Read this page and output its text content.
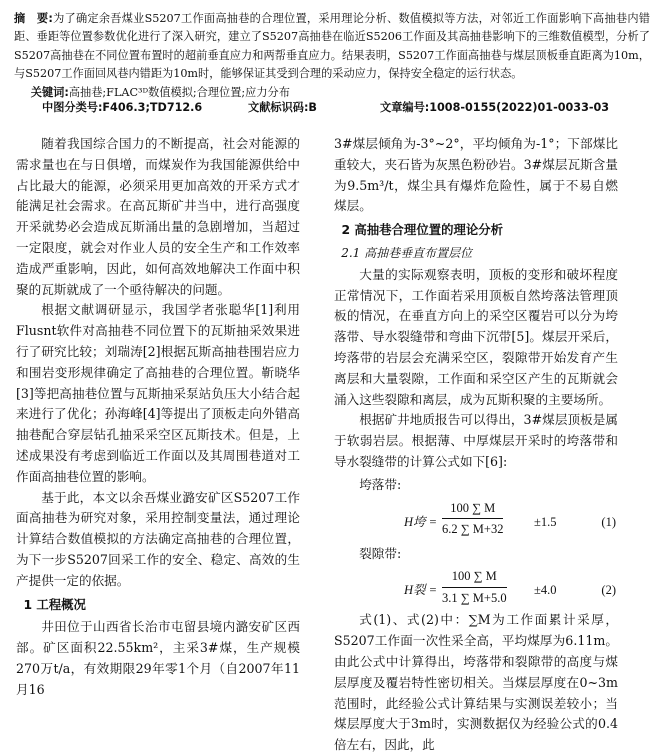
摘　要:为了确定余吾煤业S5207工作面高抽巷的合理位置，采用理论分析、数值模拟等方法，对邻近工作面影响下高抽巷内错距、垂距等位置参数优化进行了深入研究，建立了S5207高抽巷在临近S5206工作面及其高抽巷影响下的三维数值模型，分析了S5207高抽巷在不同位置布置时的超前垂直应力和两帮垂直应力。结果表明，S5207工作面高抽巷与煤层顶板垂直距离为10m，与S5207工作面回风巷内错距为10m时，能够保证其受到合理的采动应力，保持安全稳定的运行状态。
关键词:高抽巷;FLAC³ᴰ数值模拟;合理位置;应力分布
中图分类号:F406.3;TD712.6	文献标识码:B	文章编号:1008-0155(2022)01-0033-03

随着我国综合国力的不断提高，社会对能源的需求量也在与日俱增，而煤炭作为我国能源供给中占比最大的能源，必须采用更加高效的开采方式才能满足社会需求。在高瓦斯矿井当中，进行高强度开采就势必会造成瓦斯涌出量的急剧增加，当超过一定限度，就会对作业人员的安全生产和工作效率造成严重影响，因此，如何高效地解决工作面中积聚的瓦斯就成了一个亟待解决的问题。

根据文献调研显示，我国学者张聪华[1]利用Flusnt软件对高抽巷不同位置下的瓦斯抽采效果进行了研究比较；刘瑞涛[2]根据瓦斯高抽巷围岩应力和围岩变形规律确定了高抽巷的合理位置。靳晓华[3]等把高抽巷位置与瓦斯抽采泵站负压大小结合起来进行了优化；孙海峰[4]等提出了顶板走向外错高抽巷配合穿层钻孔抽采采空区瓦斯技术。但是，上述成果没有考虑到临近工作面以及其周围巷道对工作面高抽巷位置的影响。

基于此，本文以余吾煤业潞安矿区S5207工作面高抽巷为研究对象，采用控制变量法，通过理论计算结合数值模拟的方法确定高抽巷的合理位置，为下一步S5207回采工作的安全、稳定、高效的生产提供一定的依据。

1 工程概况

井田位于山西省长治市屯留县境内潞安矿区西部。矿区面积22.55km²，主采3#煤，生产规模270万t/a，有效期限29年零1个月（自2007年11月16

3#煤层倾角为-3°~2°，平均倾角为-1°；下部煤比重较大，夹石皆为灰黑色粉砂岩。3#煤层瓦斯含量为9.5m³/t，煤尘具有爆炸危险性，属于不易自燃煤层。

2 高抽巷合理位置的理论分析
2.1 高抽巷垂直布置层位

大量的实际观察表明，顶板的变形和破坏程度正常情况下，工作面若采用顶板自然垮落法管理顶板的情况，在垂直方向上的采空区覆岩可以分为垮落带、导水裂缝带和弯曲下沉带[5]。煤层开采后，垮落带的岩层会充满采空区，裂隙带开始发育产生离层和大量裂隙，工作面和采空区产生的瓦斯就会涌入这些裂隙和离层，成为瓦斯积聚的主要场所。

根据矿井地质报告可以得出，3#煤层顶板是属于软弱岩层。根据薄、中厚煤层开采时的垮落带和导水裂缝带的计算公式如下[6]:

垮落带:
H垮 = $\frac{100 \sum M}{6.2 \sum M+32} \pm 1.5$	(1)
裂隙带:
H裂 = $\frac{100 \sum M}{3.1 \sum M+5.0} \pm 4.0$	(2)

式(1)、式(2)中：∑M为工作面累计采厚，S5207工作面一次性采全高，平均煤厚为6.11m。由此公式中计算得出，垮落带和裂隙带的高度与煤层厚度及覆岩特性密切相关。当煤层厚度在0~3m范围时，此经验公式计算结果与实测误差较小；当煤层厚度大于3m时，实测数据仅为经验公式的0.4倍左右，因此，此
